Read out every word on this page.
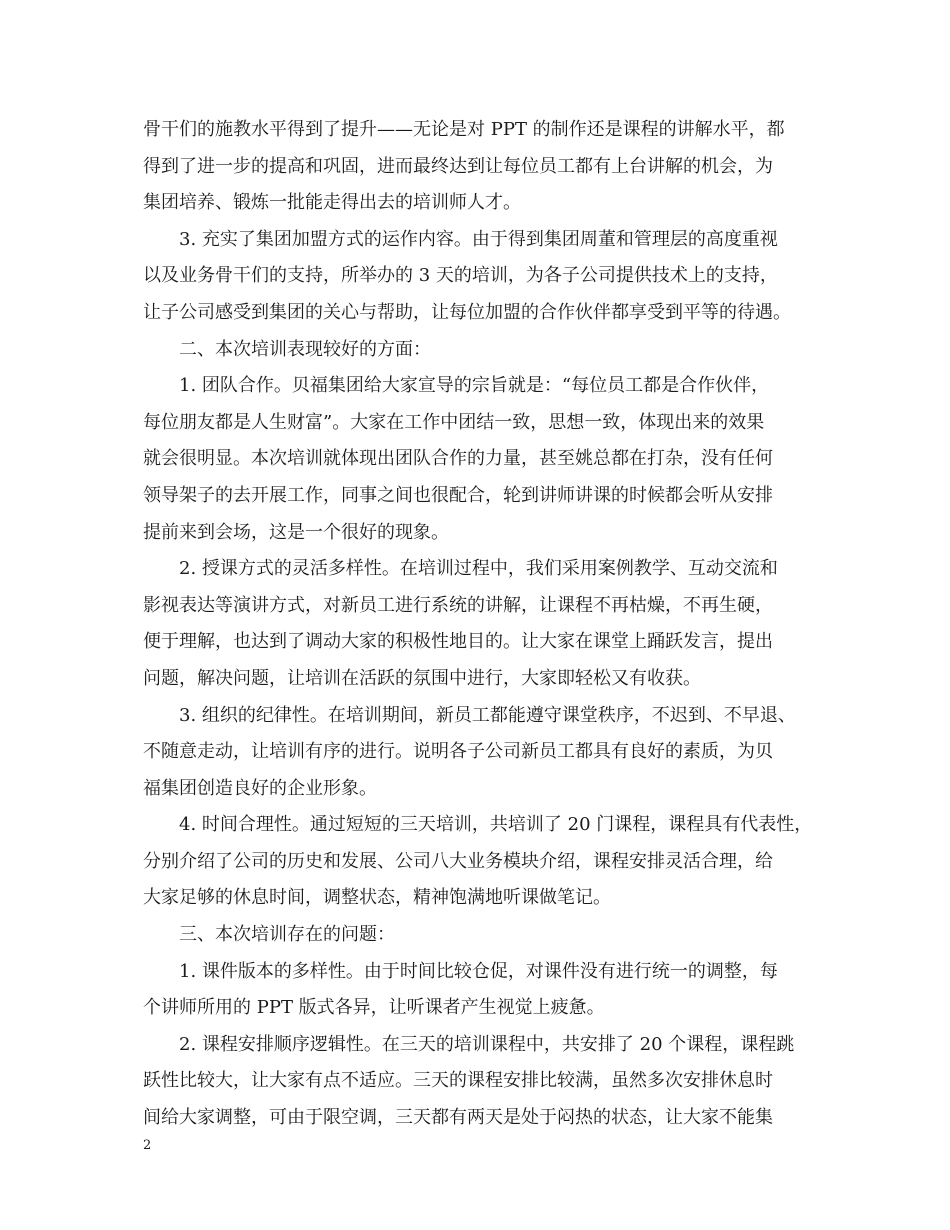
骨干们的施教水平得到了提升——无论是对 PPT 的制作还是课程的讲解水平，都
得到了进一步的提高和巩固，进而最终达到让每位员工都有上台讲解的机会，为
集团培养、锻炼一批能走得出去的培训师人才。
　　3. 充实了集团加盟方式的运作内容。由于得到集团周董和管理层的高度重视
以及业务骨干们的支持，所举办的 3 天的培训，为各子公司提供技术上的支持，
让子公司感受到集团的关心与帮助，让每位加盟的合作伙伴都享受到平等的待遇。
　　二、本次培训表现较好的方面：
　　1. 团队合作。贝福集团给大家宣导的宗旨就是：“每位员工都是合作伙伴，
每位朋友都是人生财富”。大家在工作中团结一致，思想一致，体现出来的效果
就会很明显。本次培训就体现出团队合作的力量，甚至姚总都在打杂，没有任何
领导架子的去开展工作，同事之间也很配合，轮到讲师讲课的时候都会听从安排
提前来到会场，这是一个很好的现象。
　　2. 授课方式的灵活多样性。在培训过程中，我们采用案例教学、互动交流和
影视表达等演讲方式，对新员工进行系统的讲解，让课程不再枯燥，不再生硬，
便于理解，也达到了调动大家的积极性地目的。让大家在课堂上踊跃发言，提出
问题，解决问题，让培训在活跃的氛围中进行，大家即轻松又有收获。
　　3. 组织的纪律性。在培训期间，新员工都能遵守课堂秩序，不迟到、不早退、
不随意走动，让培训有序的进行。说明各子公司新员工都具有良好的素质，为贝
福集团创造良好的企业形象。
　　4. 时间合理性。通过短短的三天培训，共培训了 20 门课程，课程具有代表性，
分别介绍了公司的历史和发展、公司八大业务模块介绍，课程安排灵活合理，给
大家足够的休息时间，调整状态，精神饱满地听课做笔记。
　　三、本次培训存在的问题：
　　1. 课件版本的多样性。由于时间比较仓促，对课件没有进行统一的调整，每
个讲师所用的 PPT 版式各异，让听课者产生视觉上疲惫。
　　2. 课程安排顺序逻辑性。在三天的培训课程中，共安排了 20 个课程，课程跳
跃性比较大，让大家有点不适应。三天的课程安排比较满，虽然多次安排休息时
间给大家调整，可由于限空调，三天都有两天是处于闷热的状态，让大家不能集
2
